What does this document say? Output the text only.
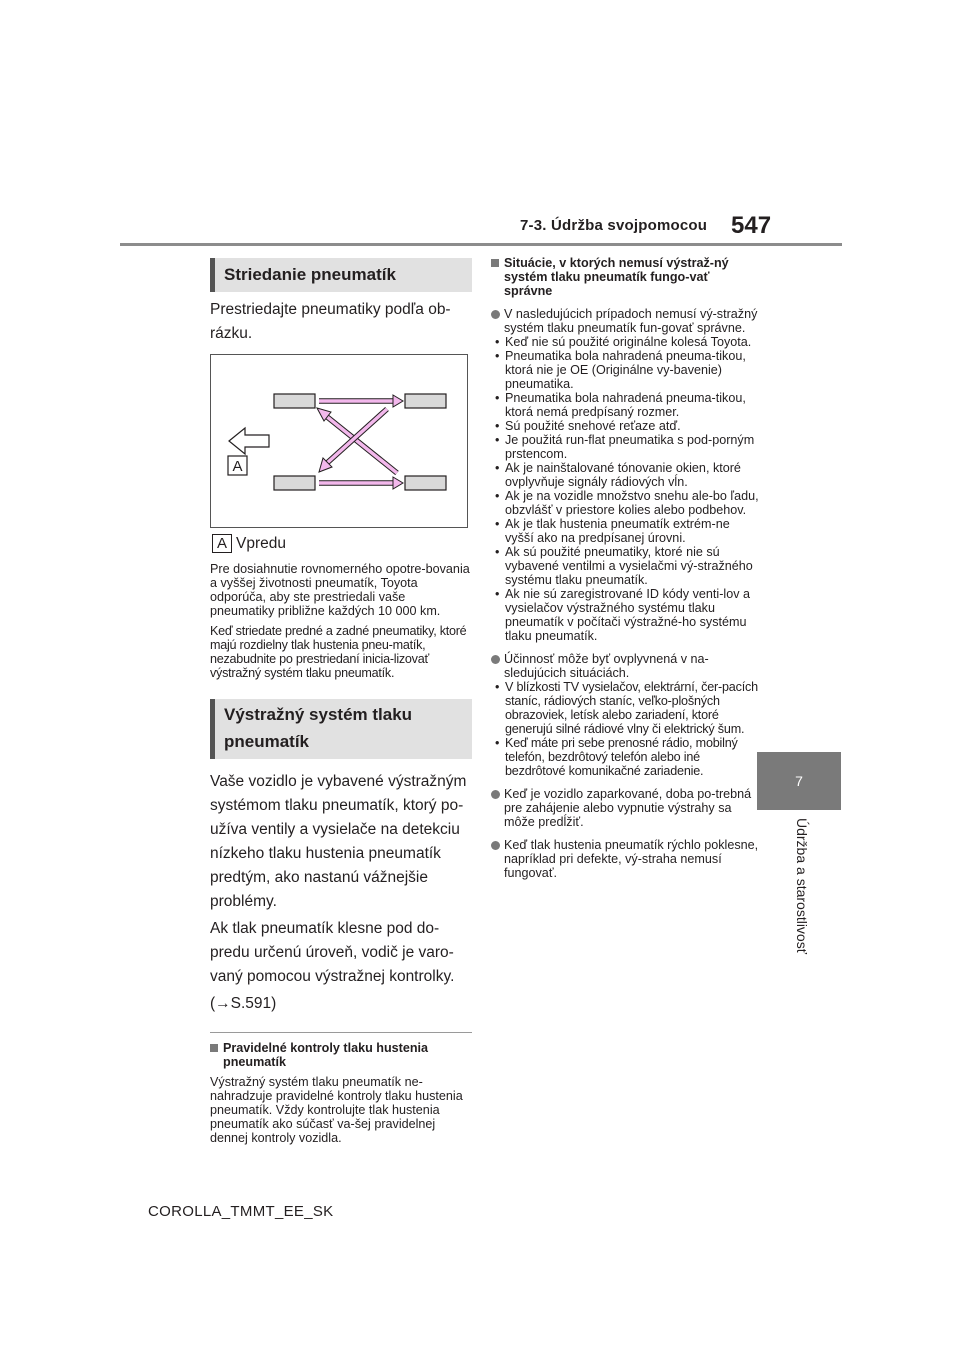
7-3. Údržba svojpomocou 547
7
Údržba a starostlivosť
Striedanie pneumatík

Prestriedajte pneumatiky podľa ob-rázku.

A
A Vpredu

Pre dosiahnutie rovnomerného opotre-bovania a vyššej životnosti pneumatík, Toyota odporúča, aby ste prestriedali vaše pneumatiky približne každých 10 000 km.

Keď striedate predné a zadné pneumatiky, ktoré majú rozdielny tlak hustenia pneu-matík, nezabudnite po prestriedaní inicia-lizovať výstražný systém tlaku pneumatík.

Výstražný systém tlaku pneumatík

Vaše vozidlo je vybavené výstražným systémom tlaku pneumatík, ktorý po-užíva ventily a vysielače na detekciu nízkeho tlaku hustenia pneumatík predtým, ako nastanú vážnejšie problémy.

Ak tlak pneumatík klesne pod do-predu určenú úroveň, vodič je varo-vaný pomocou výstražnej kontrolky.

(→S.591)

Pravidelné kontroly tlaku hustenia pneumatík

Výstražný systém tlaku pneumatík ne-nahradzuje pravidelné kontroly tlaku hustenia pneumatík. Vždy kontrolujte tlak hustenia pneumatík ako súčasť va-šej pravidelnej dennej kontroly vozidla.

Situácie, v ktorých nemusí výstraž-ný systém tlaku pneumatík fungo-vať správne
V nasledujúcich prípadoch nemusí vý-stražný systém tlaku pneumatík fun-govať správne.
• Keď nie sú použité originálne kolesá Toyota.
• Pneumatika bola nahradená pneuma-tikou, ktorá nie je OE (Originálne vy-bavenie) pneumatika.
• Pneumatika bola nahradená pneuma-tikou, ktorá nemá predpísaný rozmer.
• Sú použité snehové reťaze atď.
• Je použitá run-flat pneumatika s pod-porným prstencom.
• Ak je nainštalované tónovanie okien, ktoré ovplyvňuje signály rádiových vĺn.
• Ak je na vozidle množstvo snehu ale-bo ľadu, obzvlášť v priestore kolies alebo podbehov.
• Ak je tlak hustenia pneumatík extrém-ne vyšší ako na predpísanej úrovni.
• Ak sú použité pneumatiky, ktoré nie sú vybavené ventilmi a vysielačmi vý-stražného systému tlaku pneumatík.
• Ak nie sú zaregistrované ID kódy venti-lov a vysielačov výstražného systému tlaku pneumatík v počítači výstražné-ho systému tlaku pneumatík.
Účinnosť môže byť ovplyvnená v na-sledujúcich situáciách.
• V blízkosti TV vysielačov, elektrární, čer-pacích staníc, rádiových staníc, veľko-plošných obrazoviek, letísk alebo zariadení, ktoré generujú silné rádiové vlny či elektrický šum.
• Keď máte pri sebe prenosné rádio, mobilný telefón, bezdrôtový telefón alebo iné bezdrôtové komunikačné zariadenie.
Keď je vozidlo zaparkované, doba po-trebná pre zahájenie alebo vypnutie výstrahy sa môže predĺžiť.
Keď tlak hustenia pneumatík rýchlo poklesne, napríklad pri defekte, vý-straha nemusí fungovať.
COROLLA_TMMT_EE_SK
